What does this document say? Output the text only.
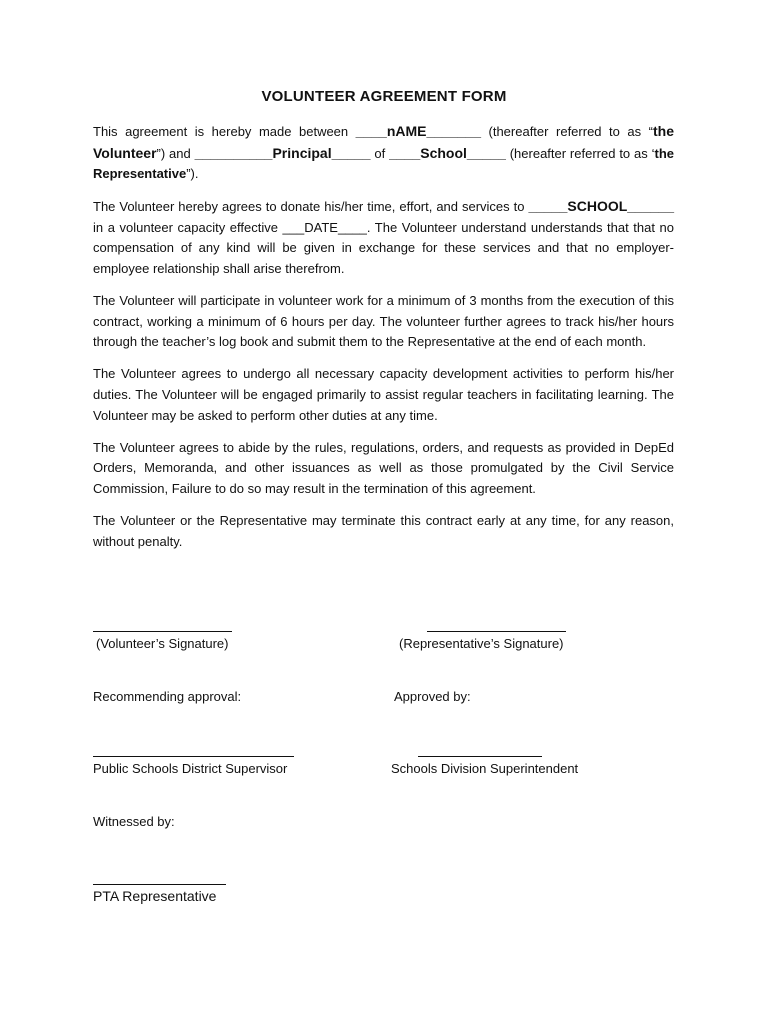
VOLUNTEER AGREEMENT FORM

This agreement is hereby made between ____nAME_______ (thereafter referred to as “the Volunteer”) and __________Principal_____ of ____School_____ (hereafter referred to as ‘the Representative”).

The Volunteer hereby agrees to donate his/her time, effort, and services to _____SCHOOL______ in a volunteer capacity effective ___DATE____. The Volunteer understand understands that that no compensation of any kind will be given in exchange for these services and that no employer-employee relationship shall arise therefrom.

The Volunteer will participate in volunteer work for a minimum of 3 months from the execution of this contract, working a minimum of 6 hours per day. The volunteer further agrees to track his/her hours through the teacher’s log book and submit them to the Representative at the end of each month.

The Volunteer agrees to undergo all necessary capacity development activities to perform his/her duties. The Volunteer will be engaged primarily to assist regular teachers in facilitating learning. The Volunteer may be asked to perform other duties at any time.

The Volunteer agrees to abide by the rules, regulations, orders, and requests as provided in DepEd Orders, Memoranda, and other issuances as well as those promulgated by the Civil Service Commission, Failure to do so may result in the termination of this agreement.

The Volunteer or the Representative may terminate this contract early at any time, for any reason, without penalty.

(Volunteer’s Signature)	(Representative’s Signature)
Recommending approval:	Approved by:
Public Schools District Supervisor	Schools Division Superintendent
Witnessed by:
PTA Representative
